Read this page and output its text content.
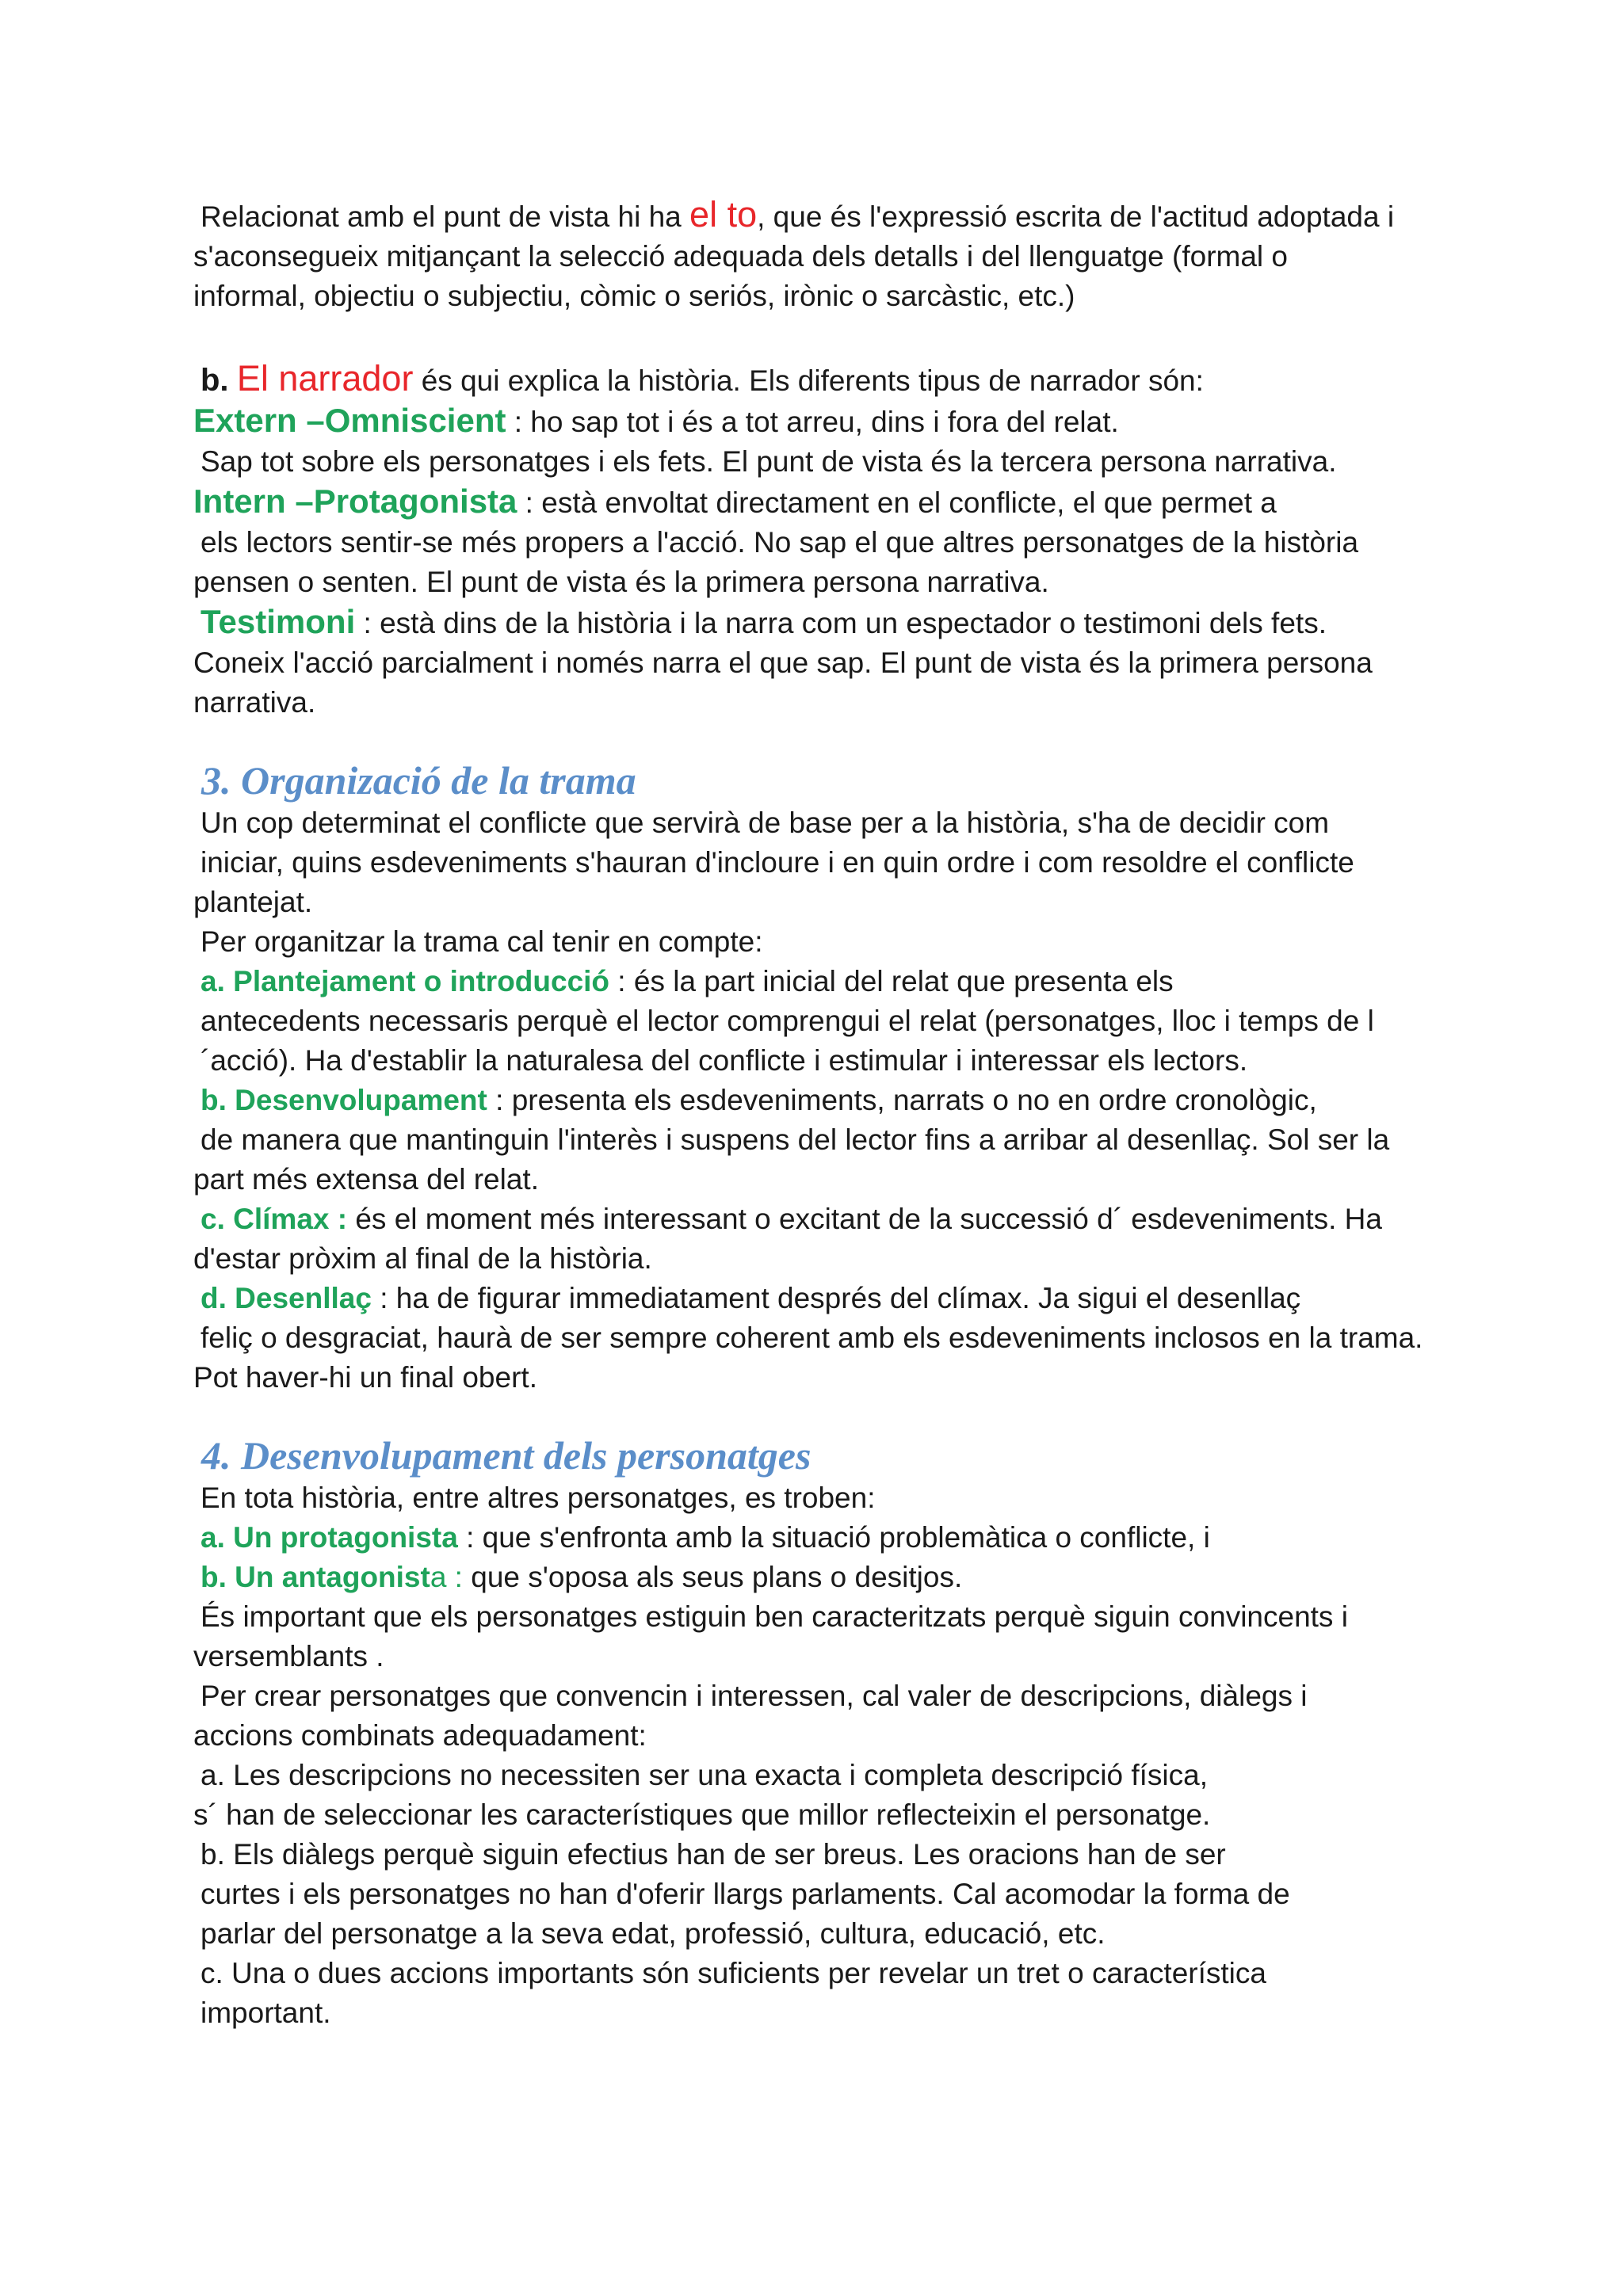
Relacionat amb el punt de vista hi ha el to, que és l'expressió escrita de l'actitud adoptada i
s'aconsegueix mitjançant la selecció adequada dels detalls i del llenguatge (formal o
informal, objectiu o subjectiu, còmic o seriós, irònic o sarcàstic, etc.)
b. El narrador és qui explica la història. Els diferents tipus de narrador són:
Extern –Omniscient : ho sap tot i és a tot arreu, dins i fora del relat.
Sap tot sobre els personatges i els fets. El punt de vista és la tercera persona narrativa.
Intern –Protagonista : està envoltat directament en el conflicte, el que permet a
els lectors sentir-se més propers a l'acció. No sap el que altres personatges de la història
pensen o senten. El punt de vista és la primera persona narrativa.
Testimoni : està dins de la història i la narra com un espectador o testimoni dels fets.
Coneix l'acció parcialment i només narra el que sap. El punt de vista és la primera persona
narrativa.
3. Organizació de la trama
Un cop determinat el conflicte que servirà de base per a la història, s'ha de decidir com
iniciar, quins esdeveniments s'hauran d'incloure i en quin ordre i com resoldre el conflicte
plantejat.
Per organitzar la trama cal tenir en compte:
a. Plantejament o introducció : és la part inicial del relat que presenta els
antecedents necessaris perquè el lector comprengui el relat (personatges, lloc i temps de l
´acció). Ha d'establir la naturalesa del conflicte i estimular i interessar els lectors.
b. Desenvolupament : presenta els esdeveniments, narrats o no en ordre cronològic,
de manera que mantinguin l'interès i suspens del lector fins a arribar al desenllaç. Sol ser la
part més extensa del relat.
c. Clímax : és el moment més interessant o excitant de la successió d´ esdeveniments. Ha
d'estar pròxim al final de la història.
d. Desenllaç : ha de figurar immediatament després del clímax. Ja sigui el desenllaç
feliç o desgraciat, haurà de ser sempre coherent amb els esdeveniments inclosos en la trama.
Pot haver-hi un final obert.
4. Desenvolupament dels personatges
En tota història, entre altres personatges, es troben:
a. Un protagonista : que s'enfronta amb la situació problemàtica o conflicte, i
b. Un antagonista : que s'oposa als seus plans o desitjos.
És important que els personatges estiguin ben caracteritzats perquè siguin convincents i
versemblants .
Per crear personatges que convencin i interessen, cal valer de descripcions, diàlegs i
accions combinats adequadament:
a. Les descripcions no necessiten ser una exacta i completa descripció física,
s´ han de seleccionar les característiques que millor reflecteixin el personatge.
b. Els diàlegs perquè siguin efectius han de ser breus. Les oracions han de ser
curtes i els personatges no han d'oferir llargs parlaments. Cal acomodar la forma de
parlar del personatge a la seva edat, professió, cultura, educació, etc.
c. Una o dues accions importants són suficients per revelar un tret o característica
important.
